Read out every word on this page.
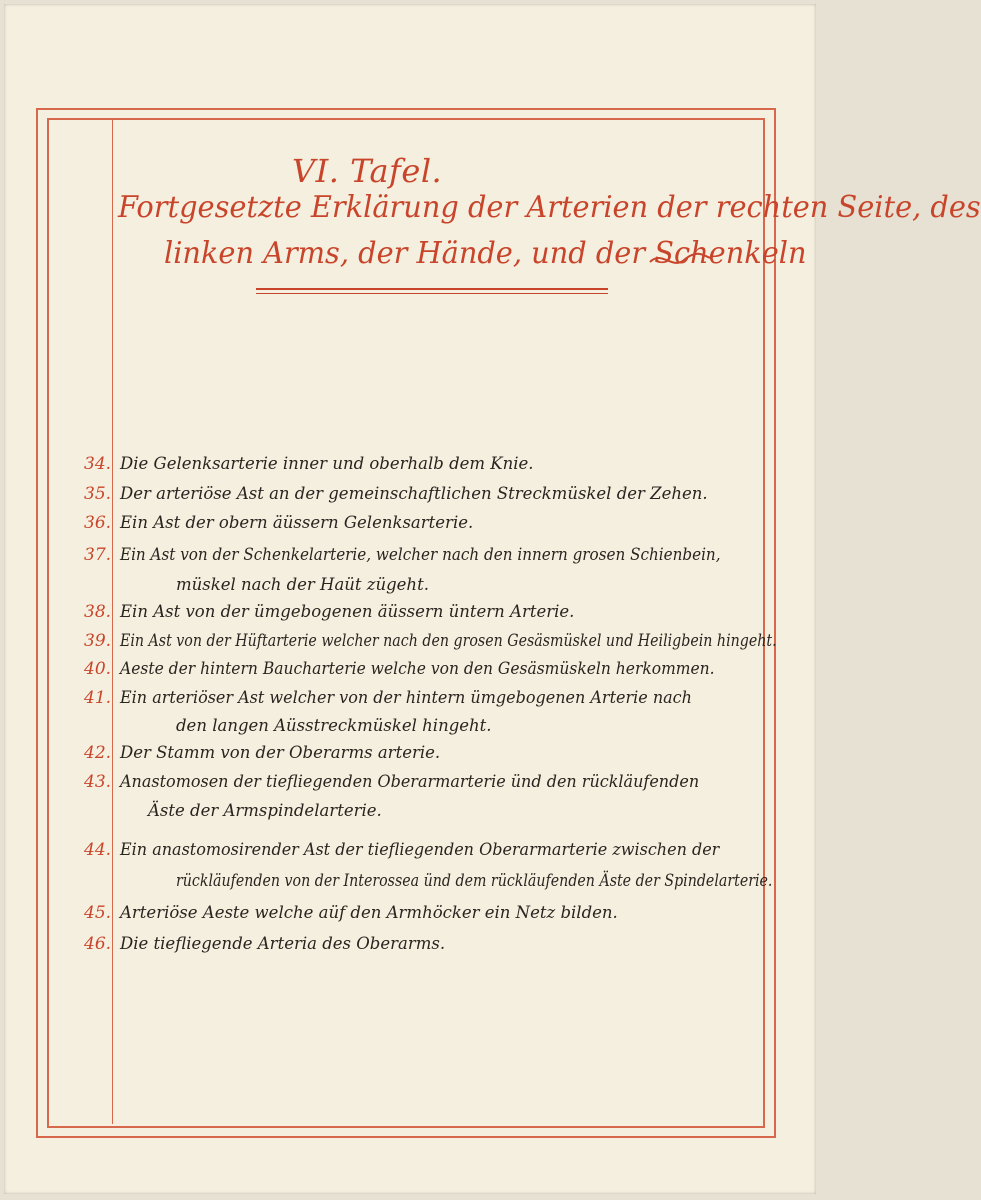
VI. Tafel.
Fortgesetzte Erklärung der Arterien der rechten Seite, des
linken Arms, der Hände, und der Schenkeln
34. Die Gelenksarterie inner und oberhalb dem Knie.
35. Der arteriöse Ast an der gemeinschaftlichen Streckmüskel der Zehen.
36. Ein Ast der obern äüssern Gelenksarterie.
37. Ein Ast von der Schenkelarterie, welcher nach den innern grosen Schienbein,
müskel nach der Haüt zügeht.
38. Ein Ast von der ümgebogenen äüssern üntern Arterie.
39. Ein Ast von der Hüftarterie welcher nach den grosen Gesäsmüskel und Heiligbein hingeht.
40. Aeste der hintern Baucharterie welche von den Gesäsmüskeln herkommen.
41. Ein arteriöser Ast welcher von der hintern ümgebogenen Arterie nach
den langen Aüsstreckmüskel hingeht.
42. Der Stamm von der Oberarms arterie.
43. Anastomosen der tiefliegenden Oberarmarterie ünd den rückläufenden
Äste der Armspindelarterie.
44. Ein anastomosirender Ast der tiefliegenden Oberarmarterie zwischen der
rückläufenden von der Interossea ünd dem rückläufenden Äste der Spindelarterie.
45. Arteriöse Aeste welche aüf den Armhöcker ein Netz bilden.
46. Die tiefliegende Arteria des Oberarms.
